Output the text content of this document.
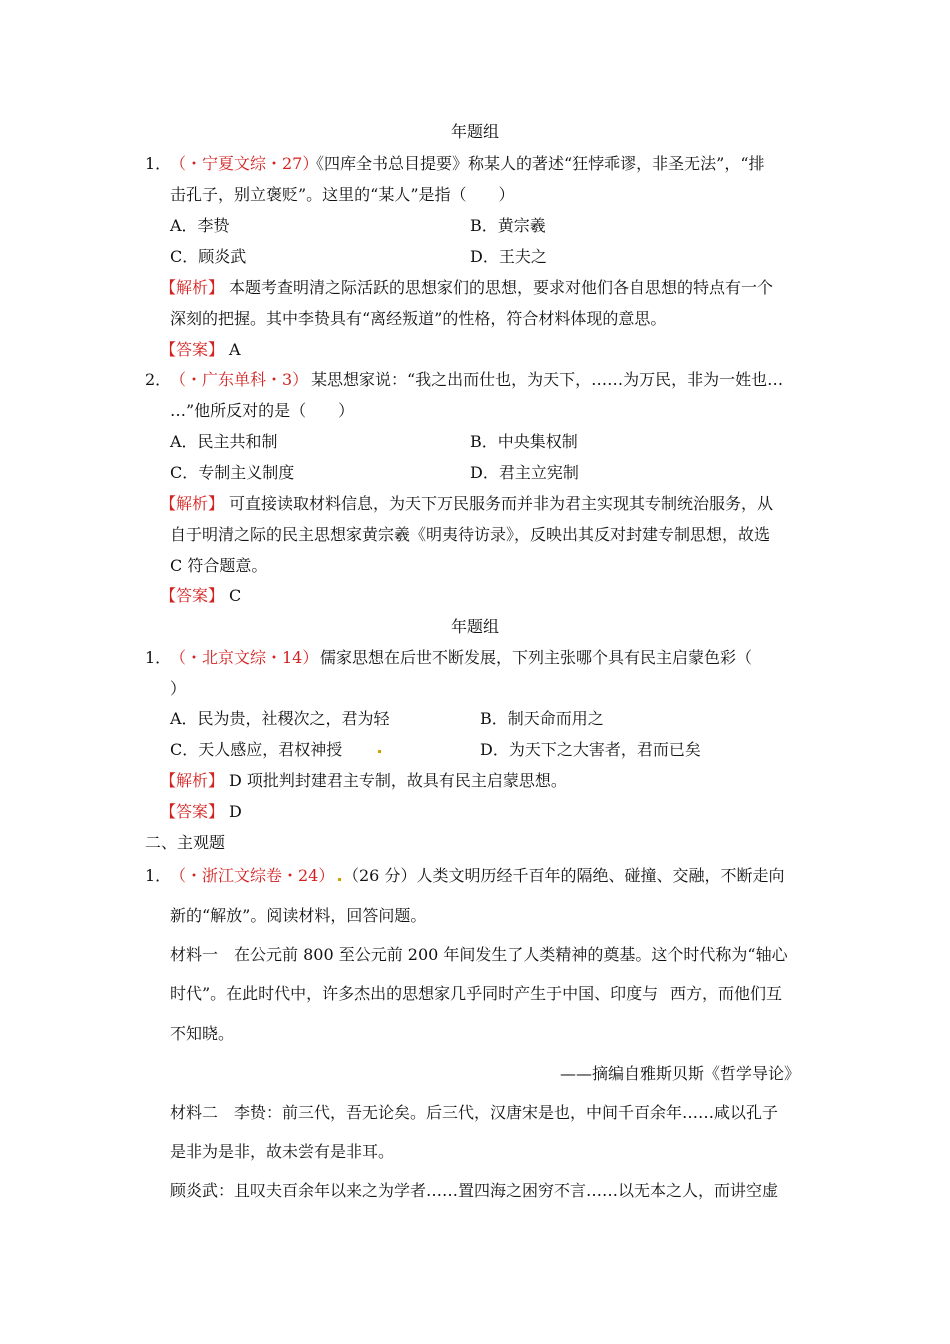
年题组
1．
（・宁夏文综・27）
《四库全书总目提要》称某人的著述“狂悖乖谬，非圣无法”，“排
击孔子，别立褒贬”。这里的“某人”是指（　　）
A．李贽	B．黄宗羲
C．顾炎武	D．王夫之
【解析】 本题考查明清之际活跃的思想家们的思想，要求对他们各自思想的特点有一个
深刻的把握。其中李贽具有“离经叛道”的性格，符合材料体现的意思。
【答案】 A
2．
（・广东单科・3） 某思想家说：“我之出而仕也，为天下，……为万民，非为一姓也…
…”他所反对的是（　　）
A．民主共和制	B．中央集权制
C．专制主义制度	D．君主立宪制
【解析】 可直接读取材料信息，为天下万民服务而并非为君主实现其专制统治服务，从
自于明清之际的民主思想家黄宗羲《明夷待访录》，反映出其反对封建专制思想，故选
C 符合题意。
【答案】 C
年题组
1．
（・北京文综・14） 儒家思想在后世不断发展，下列主张哪个具有民主启蒙色彩（
）
A．民为贵，社稷次之，君为轻	B．制天命而用之
C．天人感应，君权神授	D．为天下之大害者，君而已矣
【解析】 D 项批判封建君主专制，故具有民主启蒙思想。
【答案】 D
二、主观题
1．
（・浙江文综卷・24） （26 分）人类文明历经千百年的隔绝、碰撞、交融，不断走向
新的“解放”。阅读材料，回答问题。
材料一　在公元前 800 至公元前 200 年间发生了人类精神的奠基。这个时代称为“轴心
时代”。在此时代中，许多杰出的思想家几乎同时产生于中国、印度与 西方，而他们互
不知晓。
——摘编自雅斯贝斯《哲学导论》
材料二　李贽：前三代，吾无论矣。后三代，汉唐宋是也，中间千百余年……咸以孔子
是非为是非，故未尝有是非耳。
顾炎武：且叹夫百余年以来之为学者……置四海之困穷不言……以无本之人，而讲空虚
